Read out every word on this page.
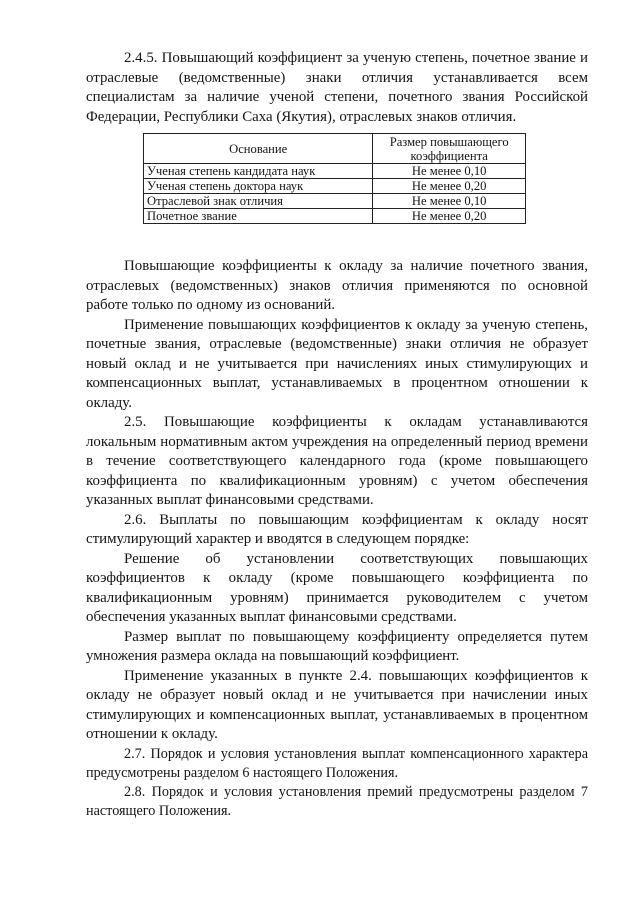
2.4.5. Повышающий коэффициент за ученую степень, почетное звание и отраслевые (ведомственные) знаки отличия устанавливается всем специалистам за наличие ученой степени, почетного звания Российской Федерации, Республики Саха (Якутия), отраслевых знаков отличия.

Основание	Размер повышающего коэффициента
Ученая степень кандидата наук	Не менее 0,10
Ученая степень доктора наук	Не менее 0,20
Отраслевой знак отличия	Не менее 0,10
Почетное звание	Не менее 0,20

Повышающие коэффициенты к окладу за наличие почетного звания, отраслевых (ведомственных) знаков отличия применяются по основной работе только по одному из оснований.

Применение повышающих коэффициентов к окладу за ученую степень, почетные звания, отраслевые (ведомственные) знаки отличия не образует новый оклад и не учитывается при начислениях иных стимулирующих и компенсационных выплат, устанавливаемых в процентном отношении к окладу.

2.5. Повышающие коэффициенты к окладам устанавливаются локальным нормативным актом учреждения на определенный период времени в течение соответствующего календарного года (кроме повышающего коэффициента по квалификационным уровням) с учетом обеспечения указанных выплат финансовыми средствами.

2.6. Выплаты по повышающим коэффициентам к окладу носят стимулирующий характер и вводятся в следующем порядке:

Решение об установлении соответствующих повышающих коэффициентов к окладу (кроме повышающего коэффициента по квалификационным уровням) принимается руководителем с учетом обеспечения указанных выплат финансовыми средствами.

Размер выплат по повышающему коэффициенту определяется путем умножения размера оклада на повышающий коэффициент.

Применение указанных в пункте 2.4. повышающих коэффициентов к окладу не образует новый оклад и не учитывается при начислении иных стимулирующих и компенсационных выплат, устанавливаемых в процентном отношении к окладу.

2.7. Порядок и условия установления выплат компенсационного характера предусмотрены разделом 6 настоящего Положения.

2.8. Порядок и условия установления премий предусмотрены разделом 7 настоящего Положения.
